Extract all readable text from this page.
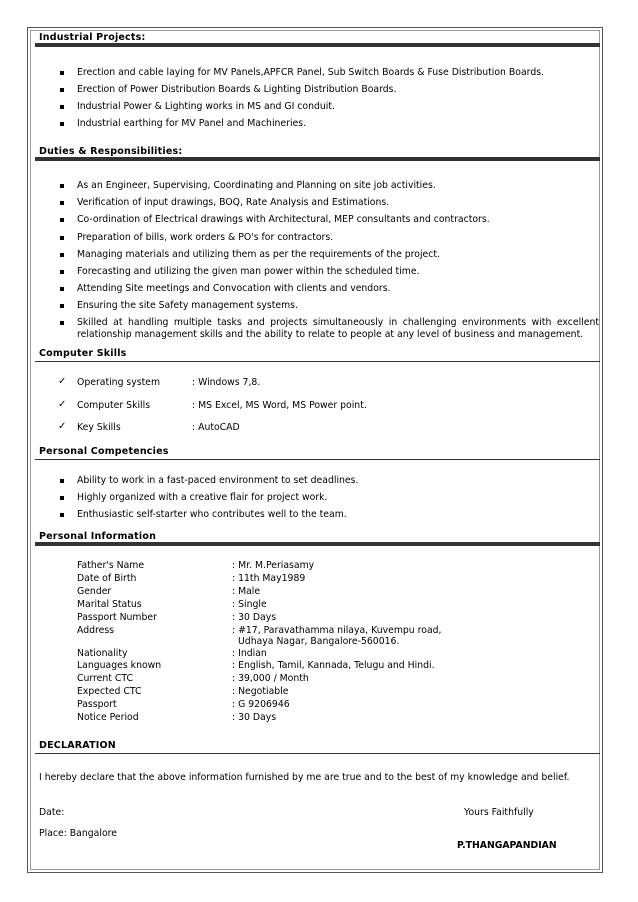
Industrial Projects:
Erection and cable laying for MV Panels,APFCR Panel, Sub Switch Boards & Fuse Distribution Boards.
Erection of Power Distribution Boards & Lighting Distribution Boards.
Industrial Power & Lighting works in MS and GI conduit.
Industrial earthing for MV Panel and Machineries.
Duties & Responsibilities:
As an Engineer, Supervising, Coordinating and Planning on site job activities.
Verification of input drawings, BOQ, Rate Analysis and Estimations.
Co-ordination of Electrical drawings with Architectural, MEP consultants and contractors.
Preparation of bills, work orders & PO's for contractors.
Managing materials and utilizing them as per the requirements of the project.
Forecasting and utilizing the given man power within the scheduled time.
Attending Site meetings and Convocation with clients and vendors.
Ensuring the site Safety management systems.
Skilled at handling multiple tasks and projects simultaneously in challenging environments with excellent relationship management skills and the ability to relate to people at any level of business and management.
Computer Skills
✓ Operating system	: Windows 7,8.
✓ Computer Skills	: MS Excel, MS Word, MS Power point.
✓ Key Skills	: AutoCAD
Personal Competencies
Ability to work in a fast-paced environment to set deadlines.
Highly organized with a creative flair for project work.
Enthusiastic self-starter who contributes well to the team.
Personal Information
Father's Name	: Mr. M.Periasamy
Date of Birth	: 11th May1989
Gender	: Male
Marital Status	: Single
Passport Number	: 30 Days
Address	: #17, Paravathamma nilaya, Kuvempu road,
Udhaya Nagar, Bangalore-560016.
Nationality	: Indian
Languages known	: English, Tamil, Kannada, Telugu and Hindi.
Current CTC	: 39,000 / Month
Expected CTC	: Negotiable
Passport	: G 9206946
Notice Period	: 30 Days
DECLARATION
I hereby declare that the above information furnished by me are true and to the best of my knowledge and belief.
Date:	Yours Faithfully
Place: Bangalore
P.THANGAPANDIAN
